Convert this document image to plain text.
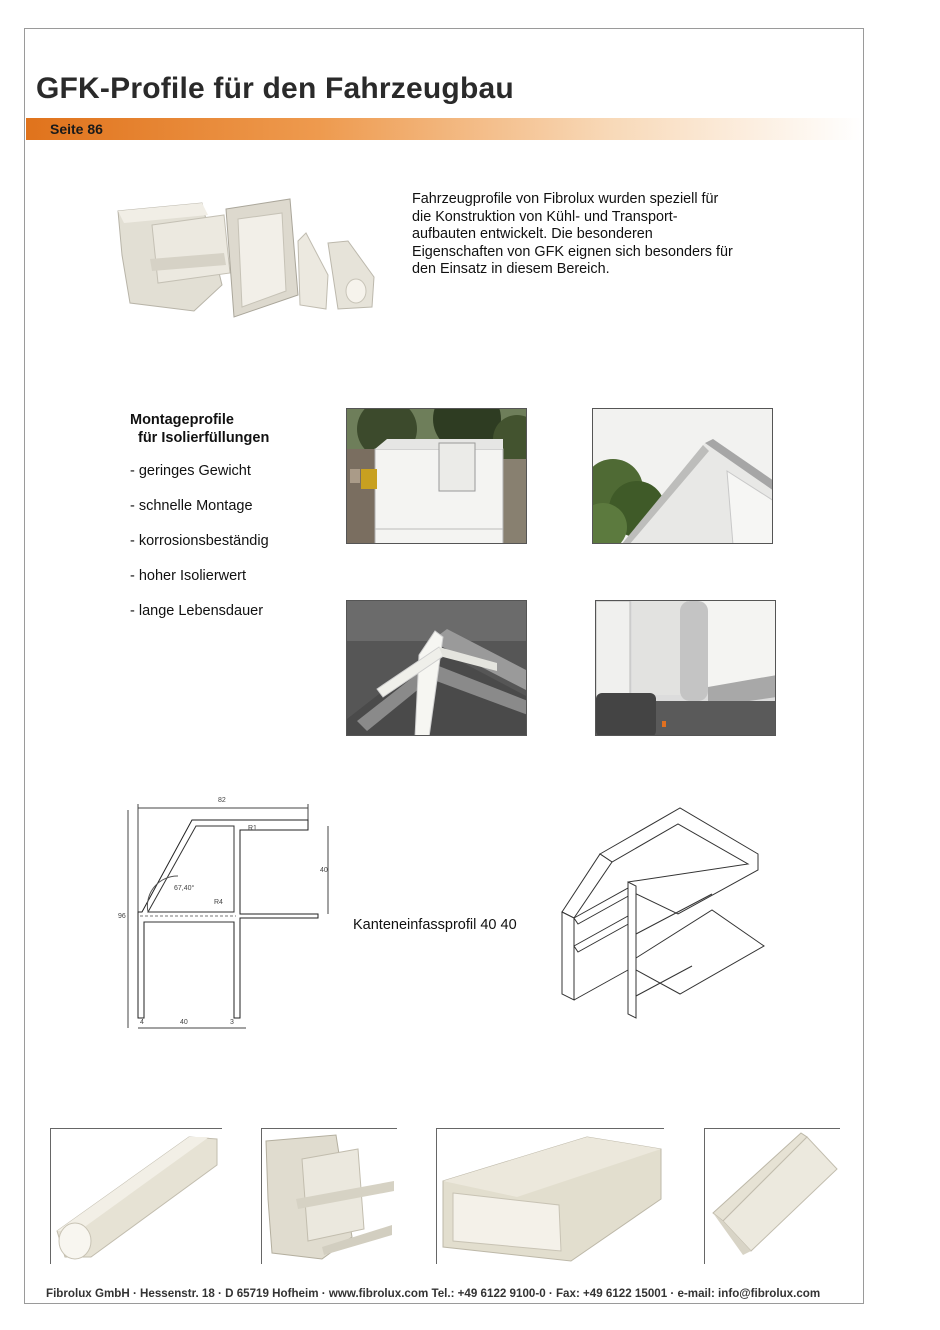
GFK-Profile für den Fahrzeugbau
Seite 86
Fahrzeugprofile von Fibrolux wurden speziell für
die Konstruktion von Kühl- und Transport-
aufbauten entwickelt. Die besonderen
Eigenschaften von GFK eignen sich besonders für
den Einsatz in diesem Bereich.
Montageprofile
für Isolierfüllungen
- geringes Gewicht
- schnelle Montage
- korrosionsbeständig
- hoher Isolierwert
- lange Lebensdauer
82
96
40
40
4	3
R1
R4
67,40°
Kanteneinfassprofil 40 40
Fibrolux GmbH · Hessenstr. 18 · D 65719 Hofheim · www.fibrolux.com Tel.: +49 6122 9100-0 · Fax: +49 6122 15001 · e-mail: info@fibrolux.com
